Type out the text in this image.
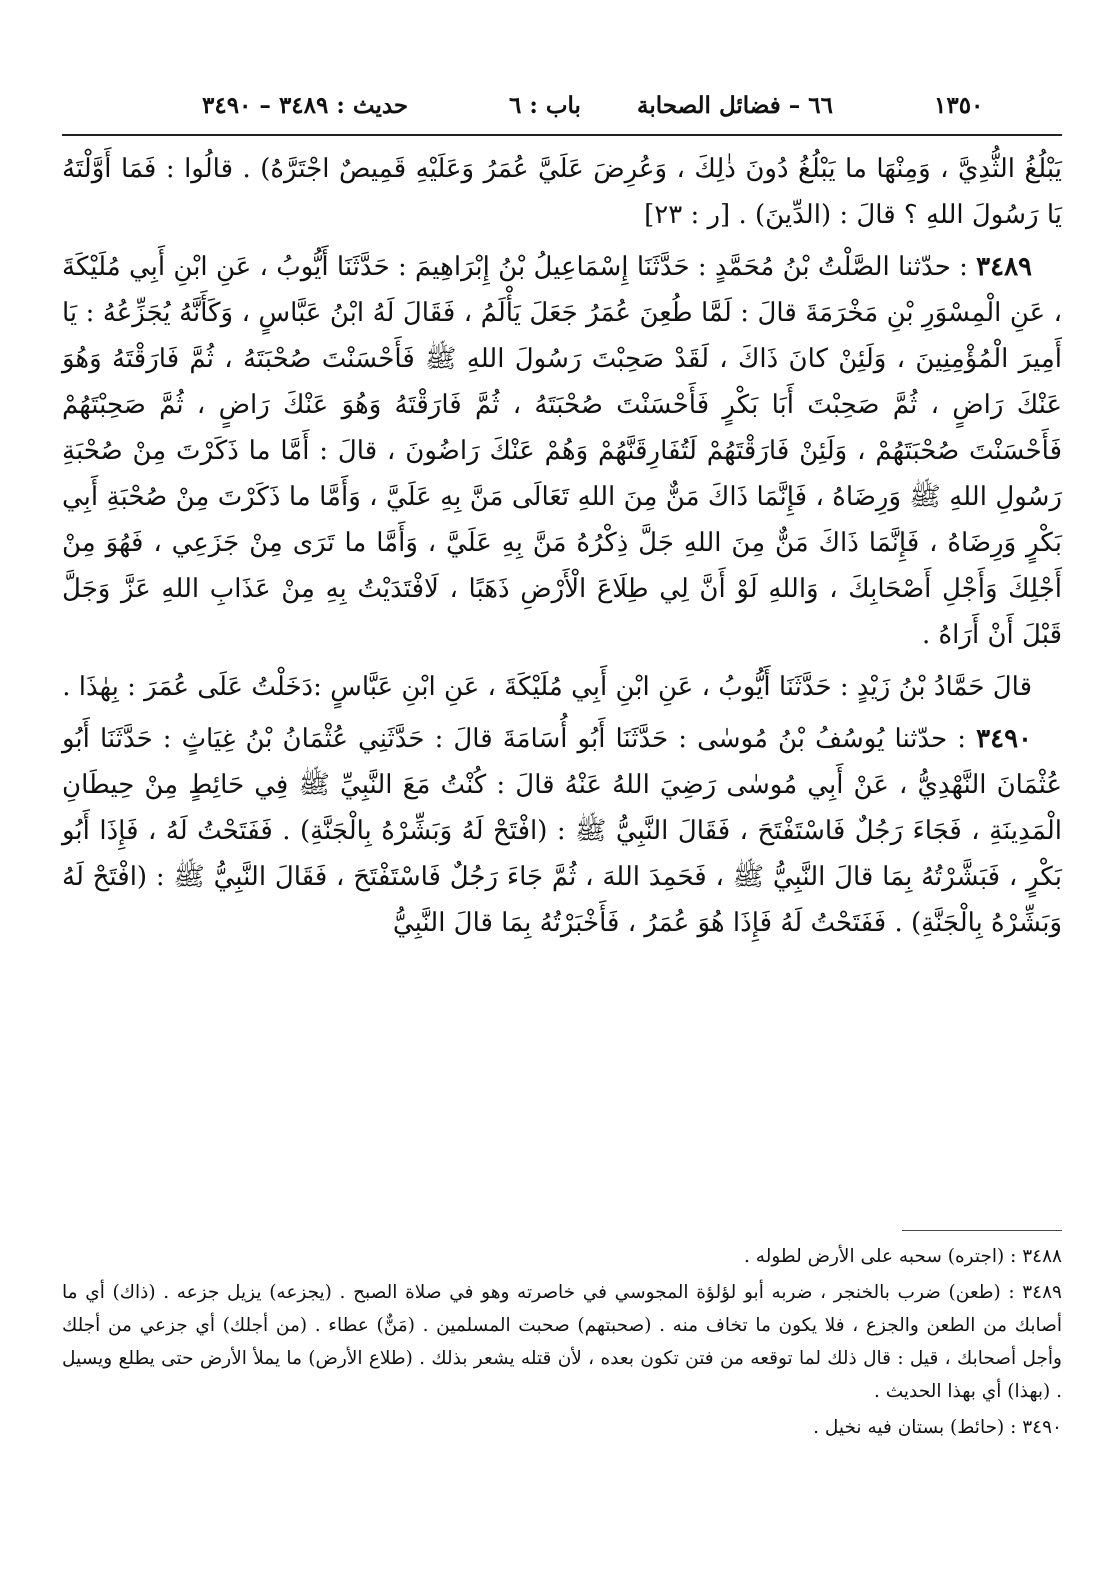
حديث : ٣٤٨٩ – ٣٤٩٠	باب : ٦ ٦٦ – فضائل الصحابة	١٣٥٠

يَبْلُغُ الثُّدِيَّ ، وَمِنْهَا ما يَبْلُغُ دُونَ ذٰلِكَ ، وَعُرِضَ عَلَيَّ عُمَرُ وَعَلَيْهِ قَمِيصٌ اجْتَرَّهُ) . قالُوا : فَمَا أَوَّلْتَهُ يَا رَسُولَ اللهِ ؟ قالَ : (الدِّينَ) . [ر : ٢٣]

٣٤٨٩ : حدّثنا الصَّلْتُ بْنُ مُحَمَّدٍ : حَدَّثَنَا إِسْمَاعِيلُ بْنُ إِبْرَاهِيمَ : حَدَّثَنَا أَيُّوبُ ، عَنِ ابْنِ أَبِي مُلَيْكَةَ ، عَنِ الْمِسْوَرِ بْنِ مَخْرَمَةَ قالَ : لَمَّا طُعِنَ عُمَرُ جَعَلَ يَأْلَمُ ، فَقَالَ لَهُ ابْنُ عَبَّاسٍ ، وَكَأَنَّهُ يُجَزِّعُهُ : يَا أَمِيرَ الْمُؤْمِنِينَ ، وَلَئِنْ كانَ ذَاكَ ، لَقَدْ صَحِبْتَ رَسُولَ اللهِ ﷺ فَأَحْسَنْتَ صُحْبَتَهُ ، ثُمَّ فَارَقْتَهُ وَهُوَ عَنْكَ رَاضٍ ، ثُمَّ صَحِبْتَ أَبَا بَكْرٍ فَأَحْسَنْتَ صُحْبَتَهُ ، ثُمَّ فَارَقْتَهُ وَهُوَ عَنْكَ رَاضٍ ، ثُمَّ صَحِبْتَهُمْ فَأَحْسَنْتَ صُحْبَتَهُمْ ، وَلَئِنْ فَارَقْتَهُمْ لَتُفَارِقَنَّهُمْ وَهُمْ عَنْكَ رَاضُونَ ، قالَ : أَمَّا ما ذَكَرْتَ مِنْ صُحْبَةِ رَسُولِ اللهِ ﷺ وَرِضَاهُ ، فَإِنَّمَا ذَاكَ مَنٌّ مِنَ اللهِ تَعَالَى مَنَّ بِهِ عَلَيَّ ، وَأَمَّا ما ذَكَرْتَ مِنْ صُحْبَةِ أَبِي بَكْرٍ وَرِضَاهُ ، فَإِنَّمَا ذَاكَ مَنٌّ مِنَ اللهِ جَلَّ ذِكْرُهُ مَنَّ بِهِ عَلَيَّ ، وَأَمَّا ما تَرَى مِنْ جَزَعِي ، فَهُوَ مِنْ أَجْلِكَ وَأَجْلِ أَصْحَابِكَ ، وَاللهِ لَوْ أَنَّ لِي طِلَاعَ الْأَرْضِ ذَهَبًا ، لَافْتَدَيْتُ بِهِ مِنْ عَذَابِ اللهِ عَزَّ وَجَلَّ قَبْلَ أَنْ أَرَاهُ .

قالَ حَمَّادُ بْنُ زَيْدٍ : حَدَّثَنَا أَيُّوبُ ، عَنِ ابْنِ أَبِي مُلَيْكَةَ ، عَنِ ابْنِ عَبَّاسٍ :دَخَلْتُ عَلَى عُمَرَ : بِهٰذَا .

٣٤٩٠ : حدّثنا يُوسُفُ بْنُ مُوسٰى : حَدَّثَنَا أَبُو أُسَامَةَ قالَ : حَدَّثَنِي عُثْمَانُ بْنُ غِيَاثٍ : حَدَّثَنَا أَبُو عُثْمَانَ النَّهْدِيُّ ، عَنْ أَبِي مُوسٰى رَضِيَ اللهُ عَنْهُ قالَ : كُنْتُ مَعَ النَّبِيِّ ﷺ فِي حَائِطٍ مِنْ حِيطَانِ الْمَدِينَةِ ، فَجَاءَ رَجُلٌ فَاسْتَفْتَحَ ، فَقَالَ النَّبِيُّ ﷺ : (افْتَحْ لَهُ وَبَشِّرْهُ بِالْجَنَّةِ) . فَفَتَحْتُ لَهُ ، فَإِذَا أَبُو بَكْرٍ ، فَبَشَّرْتُهُ بِمَا قالَ النَّبِيُّ ﷺ ، فَحَمِدَ اللهَ ، ثُمَّ جَاءَ رَجُلٌ فَاسْتَفْتَحَ ، فَقَالَ النَّبِيُّ ﷺ : (افْتَحْ لَهُ وَبَشِّرْهُ بِالْجَنَّةِ) . فَفَتَحْتُ لَهُ فَإِذَا هُوَ عُمَرُ ، فَأَخْبَرْتُهُ بِمَا قالَ النَّبِيُّ

٣٤٨٨ : (اجتره) سحبه على الأرض لطوله .

٣٤٨٩ : (طعن) ضرب بالخنجر ، ضربه أبو لؤلؤة المجوسي في خاصرته وهو في صلاة الصبح . (يجزعه) يزيل جزعه . (ذاك) أي ما أصابك من الطعن والجزع ، فلا يكون ما تخاف منه . (صحبتهم) صحبت المسلمين . (مَنٌّ) عطاء . (من أجلك) أي جزعي من أجلك وأجل أصحابك ، قيل : قال ذلك لما توقعه من فتن تكون بعده ، لأن قتله يشعر بذلك . (طلاع الأرض) ما يملأ الأرض حتى يطلع ويسيل . (بهذا) أي بهذا الحديث .

٣٤٩٠ : (حائط) بستان فيه نخيل .
